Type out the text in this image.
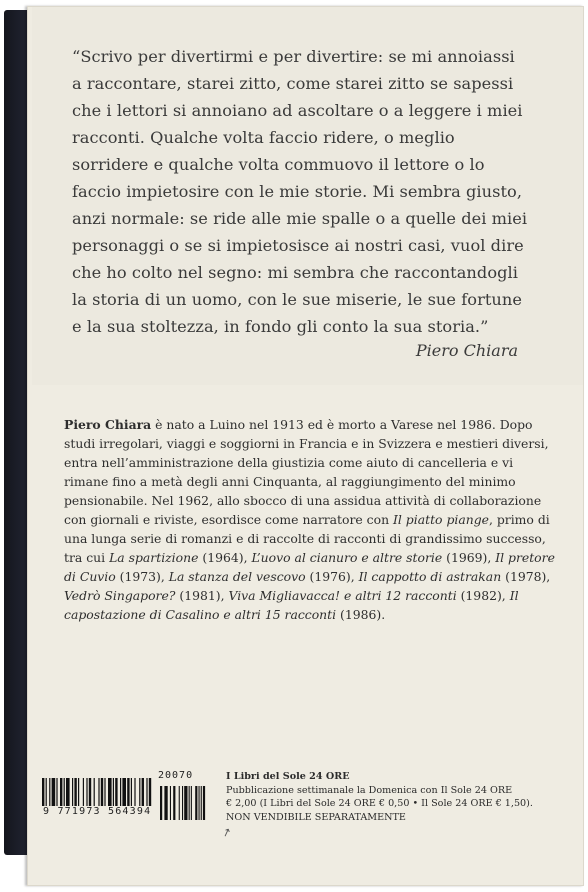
“Scrivo per divertirmi e per divertire: se mi annoiassi
a raccontare, starei zitto, come starei zitto se sapessi
che i lettori si annoiano ad ascoltare o a leggere i miei
racconti. Qualche volta faccio ridere, o meglio
sorridere e qualche volta commuovo il lettore o lo
faccio impietosire con le mie storie. Mi sembra giusto,
anzi normale: se ride alle mie spalle o a quelle dei miei
personaggi o se si impietosisce ai nostri casi, vuol dire
che ho colto nel segno: mi sembra che raccontandogli
la storia di un uomo, con le sue miserie, le sue fortune
e la sua stoltezza, in fondo gli conto la sua storia.”

Piero Chiara

Piero Chiara è nato a Luino nel 1913 ed è morto a Varese nel 1986. Dopo studi irregolari, viaggi e soggiorni in Francia e in Svizzera e mestieri diversi, entra nell’amministrazione della giustizia come aiuto di cancelleria e vi rimane fino a metà degli anni Cinquanta, al raggiungimento del minimo pensionabile. Nel 1962, allo sbocco di una assidua attività di collaborazione con giornali e riviste, esordisce come narratore con Il piatto piange, primo di una lunga serie di romanzi e di raccolte di racconti di grandissimo successo, tra cui La spartizione (1964), L’uovo al cianuro e altre storie (1969), Il pretore di Cuvio (1973), La stanza del vescovo (1976), Il cappotto di astrakan (1978), Vedrò Singapore? (1981), Viva Migliavacca! e altri 12 racconti (1982), Il capostazione di Casalino e altri 15 racconti (1986).

20070
9 771973 564394
I Libri del Sole 24 ORE
Pubblicazione settimanale la Domenica con Il Sole 24 ORE
€ 2,00 (I Libri del Sole 24 ORE € 0,50 • Il Sole 24 ORE € 1,50).
NON VENDIBILE SEPARATAMENTE
↗
